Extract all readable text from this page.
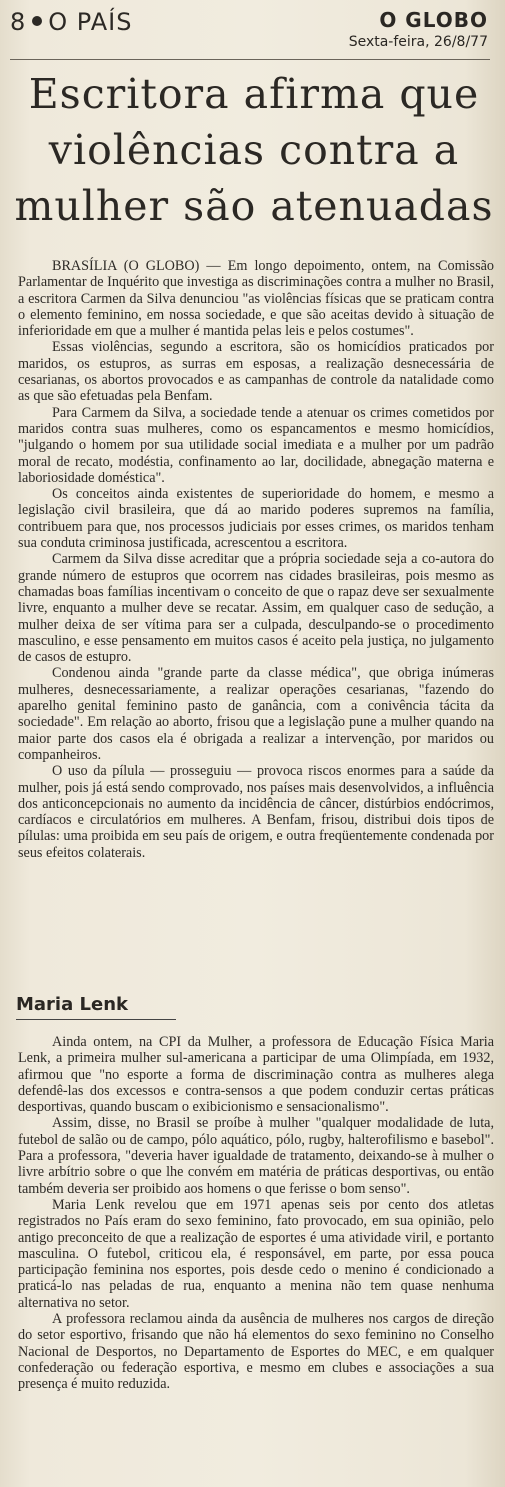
8 O PAÍS	O GLOBO
Sexta-feira, 26/8/77
Escritora afirma que violências contra a mulher são atenuadas

BRASÍLIA (O GLOBO) — Em longo depoimento, ontem, na Comissão Parlamentar de Inquérito que investiga as discriminações contra a mulher no Brasil, a escritora Carmen da Silva denunciou "as violências físicas que se praticam contra o elemento feminino, em nossa sociedade, e que são aceitas devido à situação de inferioridade em que a mulher é mantida pelas leis e pelos costumes".

Essas violências, segundo a escritora, são os homicídios praticados por maridos, os estupros, as surras em esposas, a realização desnecessária de cesarianas, os abortos provocados e as campanhas de controle da natalidade como as que são efetuadas pela Benfam.

Para Carmem da Silva, a sociedade tende a atenuar os crimes cometidos por maridos contra suas mulheres, como os espancamentos e mesmo homicídios, "julgando o homem por sua utilidade social imediata e a mulher por um padrão moral de recato, modéstia, confinamento ao lar, docilidade, abnegação materna e laboriosidade doméstica".

Os conceitos ainda existentes de superioridade do homem, e mesmo a legislação civil brasileira, que dá ao marido poderes supremos na família, contribuem para que, nos processos judiciais por esses crimes, os maridos tenham sua conduta criminosa justificada, acrescentou a escritora.

Carmem da Silva disse acreditar que a própria sociedade seja a co-autora do grande número de estupros que ocorrem nas cidades brasileiras, pois mesmo as chamadas boas famílias incentivam o conceito de que o rapaz deve ser sexualmente livre, enquanto a mulher deve se recatar. Assim, em qualquer caso de sedução, a mulher deixa de ser vítima para ser a culpada, desculpando-se o procedimento masculino, e esse pensamento em muitos casos é aceito pela justiça, no julgamento de casos de estupro.

Condenou ainda "grande parte da classe médica", que obriga inúmeras mulheres, desnecessariamente, a realizar operações cesarianas, "fazendo do aparelho genital feminino pasto de ganância, com a conivência tácita da sociedade". Em relação ao aborto, frisou que a legislação pune a mulher quando na maior parte dos casos ela é obrigada a realizar a intervenção, por maridos ou companheiros.

O uso da pílula — prosseguiu — provoca riscos enormes para a saúde da mulher, pois já está sendo comprovado, nos países mais desenvolvidos, a influência dos anticoncepcionais no aumento da incidência de câncer, distúrbios endócrimos, cardíacos e circulatórios em mulheres. A Benfam, frisou, distribui dois tipos de pílulas: uma proibida em seu país de origem, e outra freqüentemente condenada por seus efeitos colaterais.

Maria Lenk

Ainda ontem, na CPI da Mulher, a professora de Educação Física Maria Lenk, a primeira mulher sul-americana a participar de uma Olimpíada, em 1932, afirmou que "no esporte a forma de discriminação contra as mulheres alega defendê-las dos excessos e contra-sensos a que podem conduzir certas práticas desportivas, quando buscam o exibicionismo e sensacionalismo".

Assim, disse, no Brasil se proíbe à mulher "qualquer modalidade de luta, futebol de salão ou de campo, pólo aquático, pólo, rugby, halterofilismo e basebol". Para a professora, "deveria haver igualdade de tratamento, deixando-se à mulher o livre arbítrio sobre o que lhe convém em matéria de práticas desportivas, ou então também deveria ser proibido aos homens o que ferisse o bom senso".

Maria Lenk revelou que em 1971 apenas seis por cento dos atletas registrados no País eram do sexo feminino, fato provocado, em sua opinião, pelo antigo preconceito de que a realização de esportes é uma atividade viril, e portanto masculina. O futebol, criticou ela, é responsável, em parte, por essa pouca participação feminina nos esportes, pois desde cedo o menino é condicionado a praticá-lo nas peladas de rua, enquanto a menina não tem quase nenhuma alternativa no setor.

A professora reclamou ainda da ausência de mulheres nos cargos de direção do setor esportivo, frisando que não há elementos do sexo feminino no Conselho Nacional de Desportos, no Departamento de Esportes do MEC, e em qualquer confederação ou federação esportiva, e mesmo em clubes e associações a sua presença é muito reduzida.
